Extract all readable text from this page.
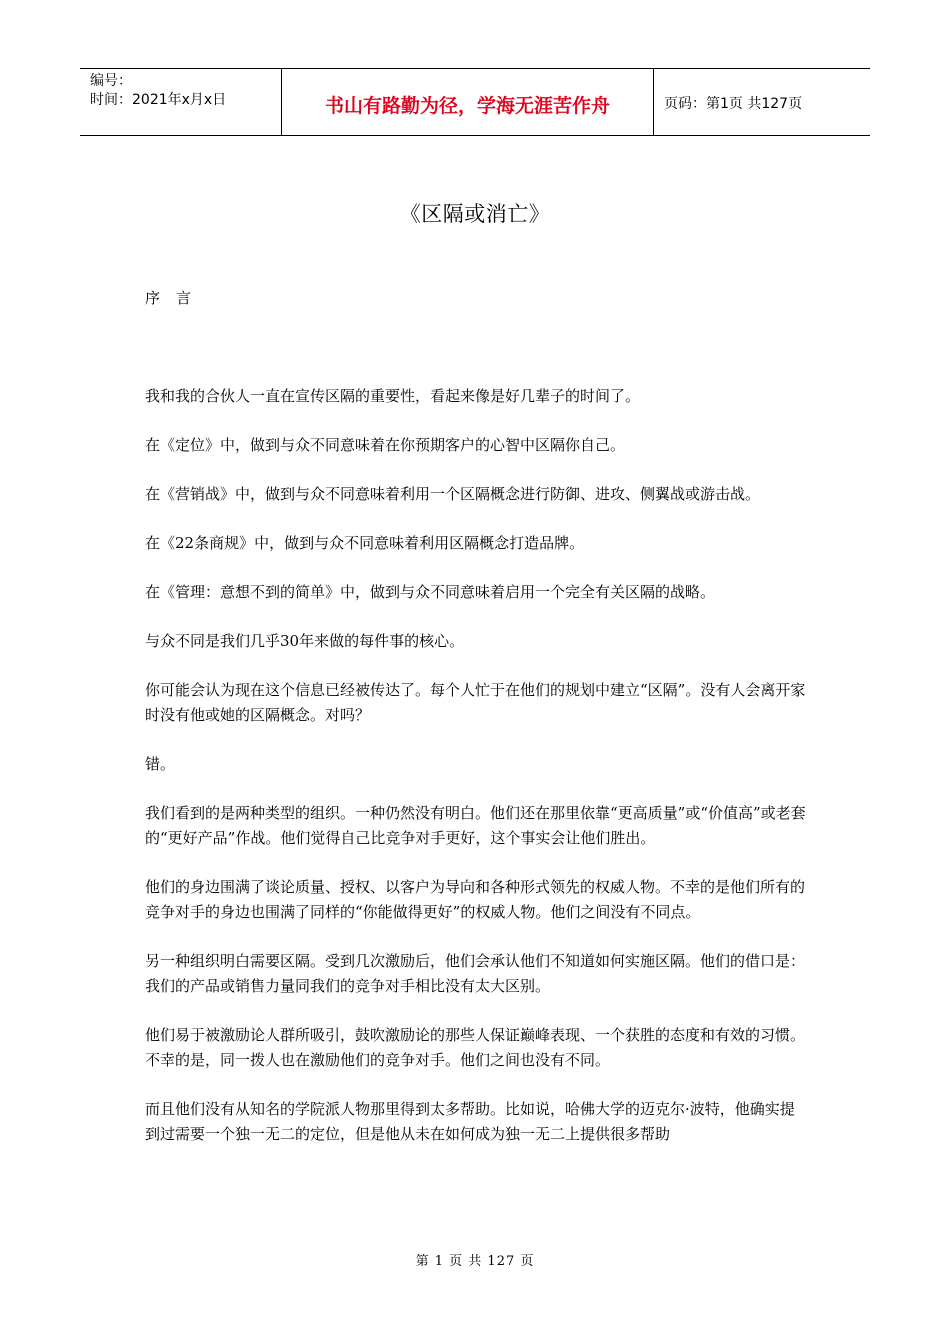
编号：
时间：2021年x月x日	书山有路勤为径，学海无涯苦作舟	页码：第1页 共127页
《区隔或消亡》
序 言

我和我的合伙人一直在宣传区隔的重要性，看起来像是好几辈子的时间了。

在《定位》中，做到与众不同意味着在你预期客户的心智中区隔你自己。

在《营销战》中，做到与众不同意味着利用一个区隔概念进行防御、进攻、侧翼战或游击战。

在《22条商规》中，做到与众不同意味着利用区隔概念打造品牌。

在《管理：意想不到的简单》中，做到与众不同意味着启用一个完全有关区隔的战略。

与众不同是我们几乎30年来做的每件事的核心。

你可能会认为现在这个信息已经被传达了。每个人忙于在他们的规划中建立“区隔”。没有人会离开家时没有他或她的区隔概念。对吗？

错。

我们看到的是两种类型的组织。一种仍然没有明白。他们还在那里依靠“更高质量”或“价值高”或老套的“更好产品”作战。他们觉得自己比竞争对手更好，这个事实会让他们胜出。

他们的身边围满了谈论质量、授权、以客户为导向和各种形式领先的权威人物。不幸的是他们所有的竞争对手的身边也围满了同样的“你能做得更好”的权威人物。他们之间没有不同点。

另一种组织明白需要区隔。受到几次激励后，他们会承认他们不知道如何实施区隔。他们的借口是：我们的产品或销售力量同我们的竞争对手相比没有太大区别。

他们易于被激励论人群所吸引，鼓吹激励论的那些人保证巅峰表现、一个获胜的态度和有效的习惯。不幸的是，同一拨人也在激励他们的竞争对手。他们之间也没有不同。

而且他们没有从知名的学院派人物那里得到太多帮助。比如说，哈佛大学的迈克尔·波特，他确实提到过需要一个独一无二的定位，但是他从未在如何成为独一无二上提供很多帮助

第 1 页 共 127 页
